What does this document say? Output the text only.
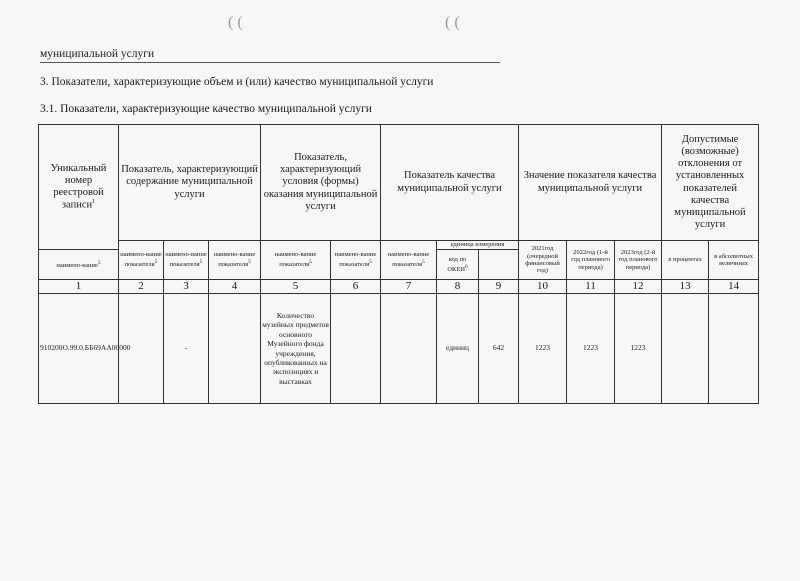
( (	( (
муниципальной услуги
3. Показатели, характеризующие объем и (или) качество муниципальной услуги
3.1. Показатели, характеризующие качество муниципальной услуги
Уникальный номер реестровой записи$^1$	Показатель, характеризующий содержание муниципальной услуги			Показатель, характеризующий условия (формы) оказания муниципальной услуги		Показатель качества муниципальной услуги			Значение показателя качества муниципальной услуги			Допустимые (возможные) отклонения от установленных показателей качества муниципальной услуги	
	наимено-вание показателя$^5$	наимено-вание показателя$^5$	наимено-вание показателя$^5$	наимено-вание показателя$^5$	наимено-вание показателя$^5$	наимено-вание показателя$^5$	единица измерения		2021год (очередной финансовый год)	2022год (1-й год планового периода)	2023год (2-й год планового периода)	в процентах	в абсолютных величинах
наимено-вание$^5$							код по ОКЕИ$^6$
1	2	3	4	5	6	7	8	9	10	11	12	13	14
910200О.99.0.ББ69АА00000		-		Количество музейных предметов основного Музейного фонда учреждения, опубликованных на экспозициях и выставках			единиц	642	1223	1223	1223		
